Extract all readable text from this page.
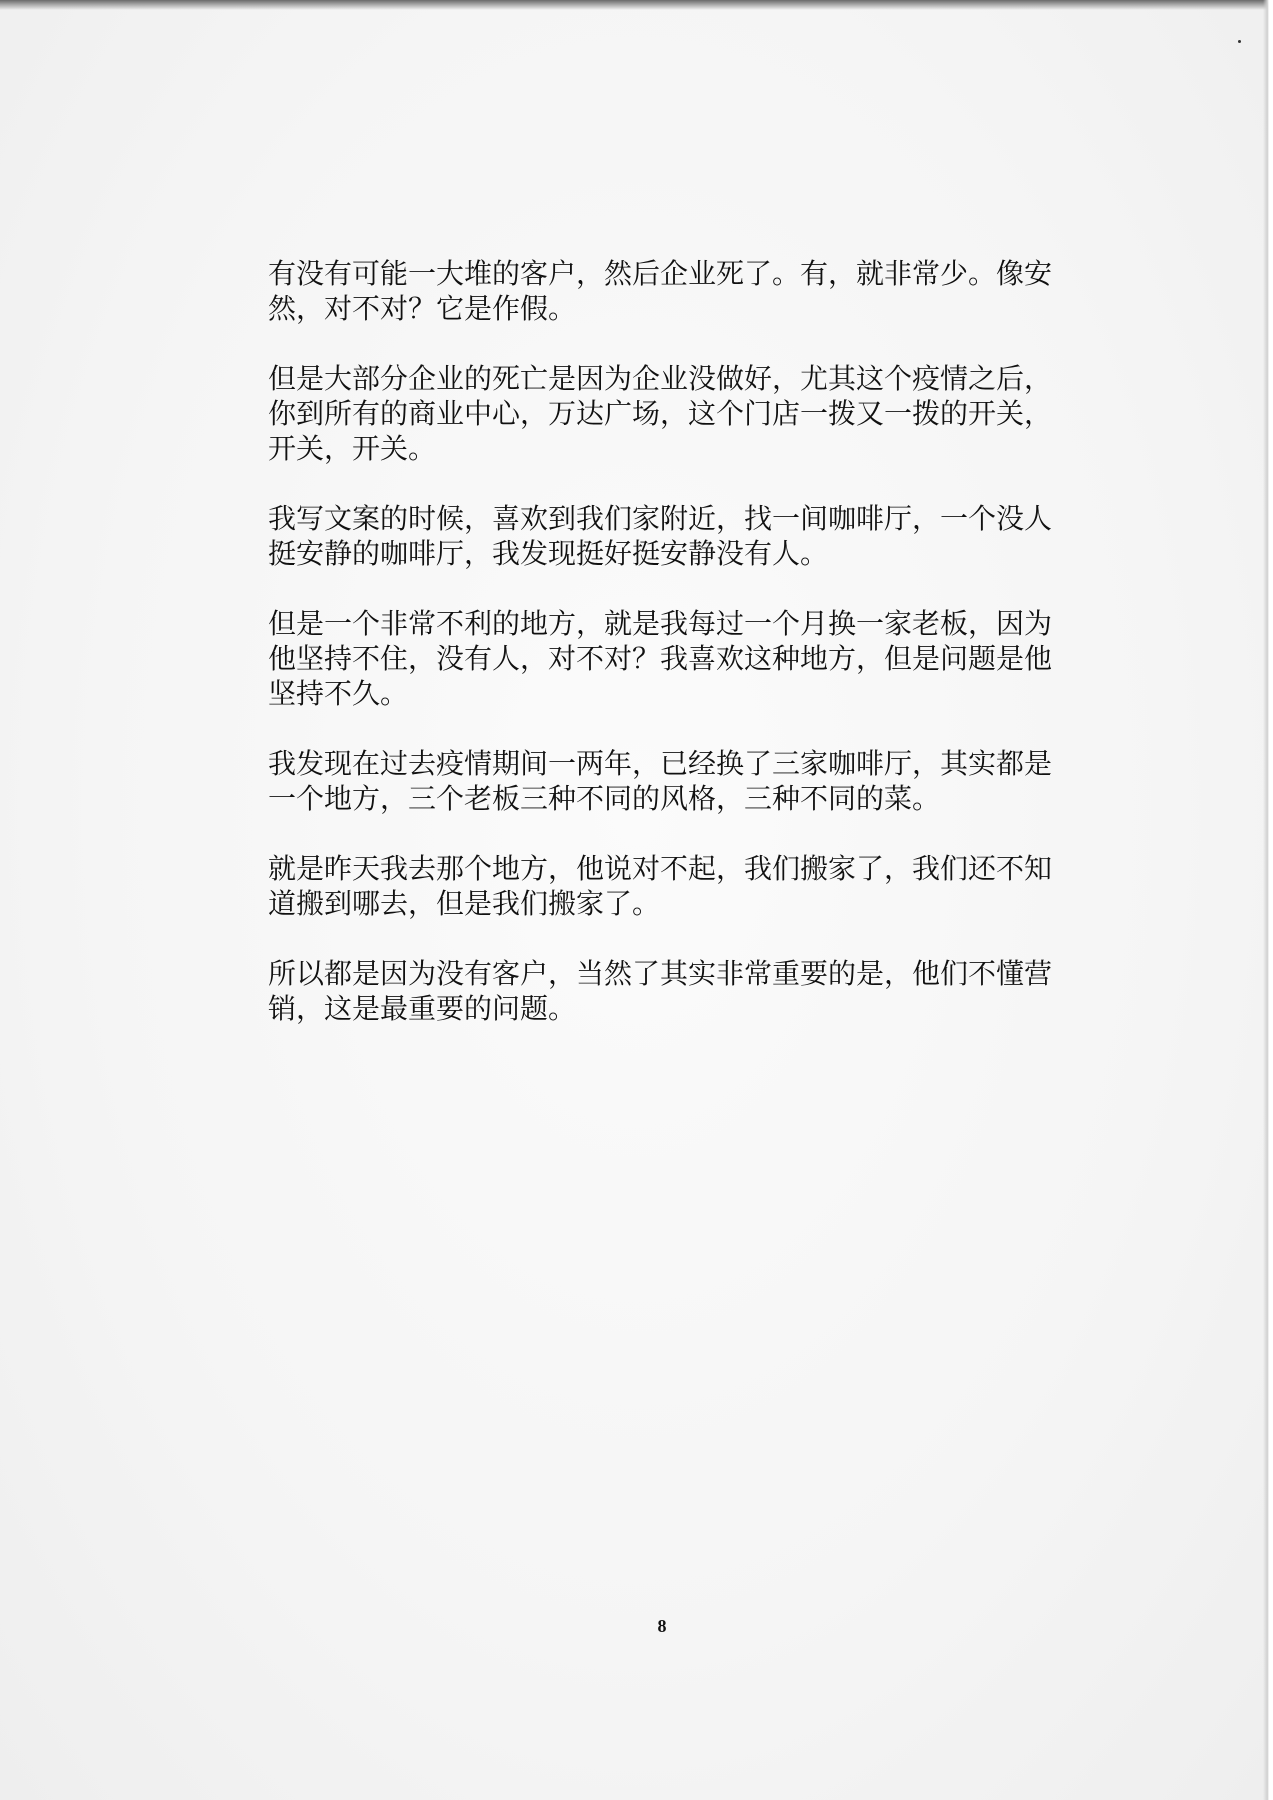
有没有可能一大堆的客户，然后企业死了。有，就非常少。像安
然，对不对？它是作假。
但是大部分企业的死亡是因为企业没做好，尤其这个疫情之后，
你到所有的商业中心，万达广场，这个门店一拨又一拨的开关，
开关，开关。
我写文案的时候，喜欢到我们家附近，找一间咖啡厅，一个没人
挺安静的咖啡厅，我发现挺好挺安静没有人。
但是一个非常不利的地方，就是我每过一个月换一家老板，因为
他坚持不住，没有人，对不对？我喜欢这种地方，但是问题是他
坚持不久。
我发现在过去疫情期间一两年，已经换了三家咖啡厅，其实都是
一个地方，三个老板三种不同的风格，三种不同的菜。
就是昨天我去那个地方，他说对不起，我们搬家了，我们还不知
道搬到哪去，但是我们搬家了。
所以都是因为没有客户，当然了其实非常重要的是，他们不懂营
销，这是最重要的问题。
8
